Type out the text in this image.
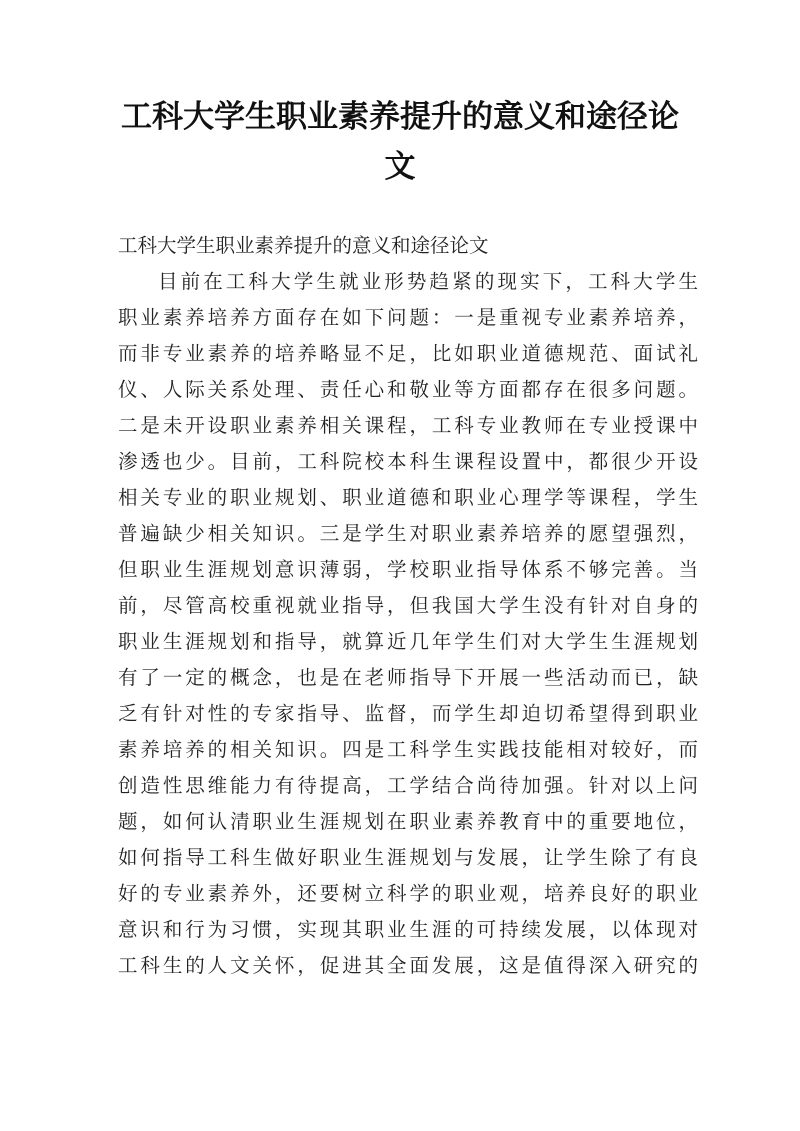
工科大学生职业素养提升的意义和途径论
文
工科大学生职业素养提升的意义和途径论文
目前在工科大学生就业形势趋紧的现实下，工科大学生
职业素养培养方面存在如下问题：一是重视专业素养培养，
而非专业素养的培养略显不足，比如职业道德规范、面试礼
仪、人际关系处理、责任心和敬业等方面都存在很多问题。
二是未开设职业素养相关课程，工科专业教师在专业授课中
渗透也少。目前，工科院校本科生课程设置中，都很少开设
相关专业的职业规划、职业道德和职业心理学等课程，学生
普遍缺少相关知识。三是学生对职业素养培养的愿望强烈，
但职业生涯规划意识薄弱，学校职业指导体系不够完善。当
前，尽管高校重视就业指导，但我国大学生没有针对自身的
职业生涯规划和指导，就算近几年学生们对大学生生涯规划
有了一定的概念，也是在老师指导下开展一些活动而已，缺
乏有针对性的专家指导、监督，而学生却迫切希望得到职业
素养培养的相关知识。四是工科学生实践技能相对较好，而
创造性思维能力有待提高，工学结合尚待加强。针对以上问
题，如何认清职业生涯规划在职业素养教育中的重要地位，
如何指导工科生做好职业生涯规划与发展，让学生除了有良
好的专业素养外，还要树立科学的职业观，培养良好的职业
意识和行为习惯，实现其职业生涯的可持续发展，以体现对
工科生的人文关怀，促进其全面发展，这是值得深入研究的
